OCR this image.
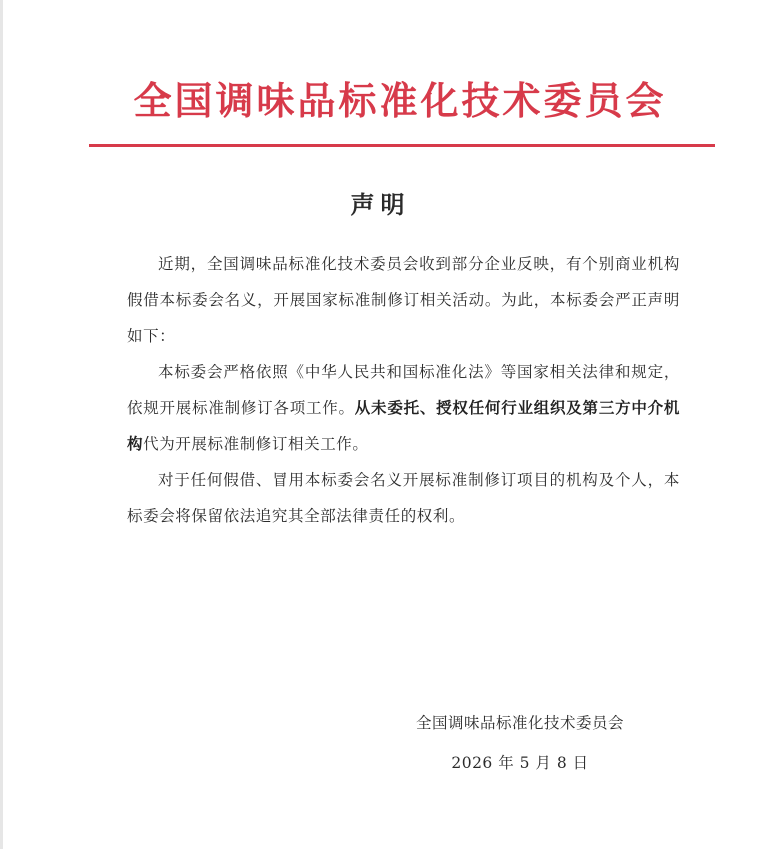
全国调味品标准化技术委员会
声明

近期，全国调味品标准化技术委员会收到部分企业反映，有个别商业机构假借本标委会名义，开展国家标准制修订相关活动。为此，本标委会严正声明如下：

本标委会严格依照《中华人民共和国标准化法》等国家相关法律和规定，依规开展标准制修订各项工作。从未委托、授权任何行业组织及第三方中介机构代为开展标准制修订相关工作。

对于任何假借、冒用本标委会名义开展标准制修订项目的机构及个人，本标委会将保留依法追究其全部法律责任的权利。

全国调味品标准化技术委员会
2026 年 5 月 8 日
